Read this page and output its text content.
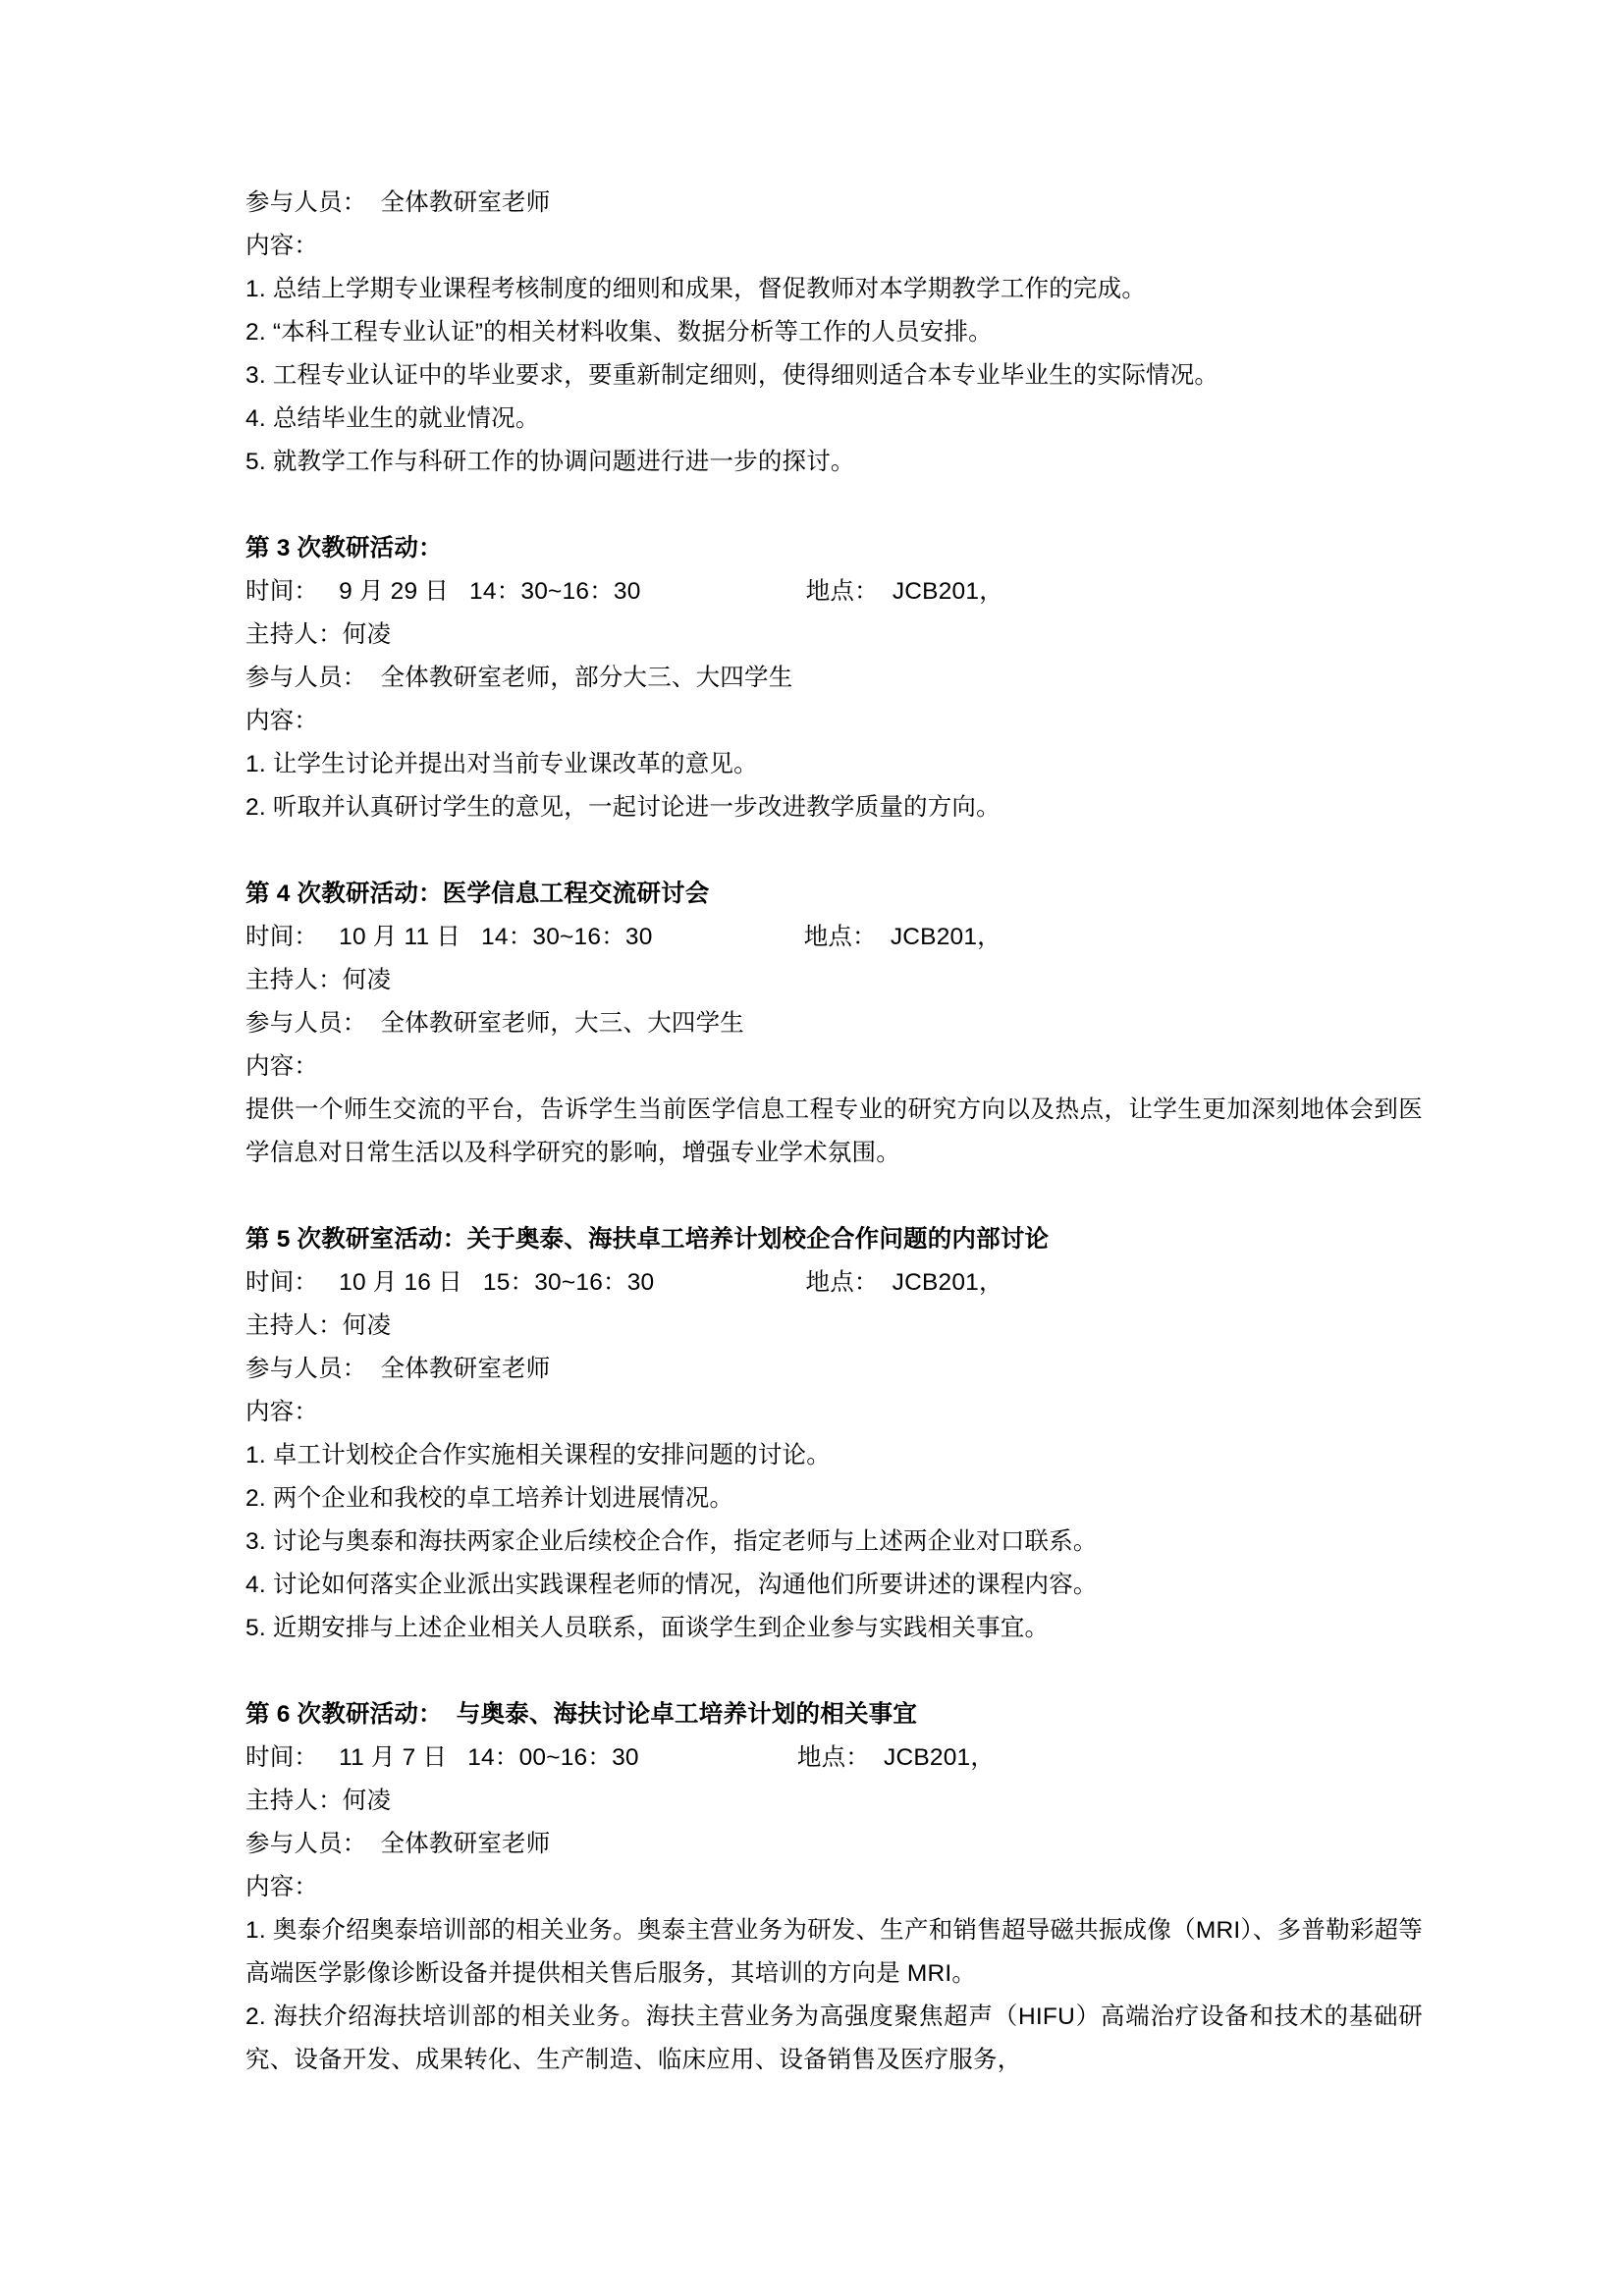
参与人员：  全体教研室老师
内容：
1. 总结上学期专业课程考核制度的细则和成果，督促教师对本学期教学工作的完成。
2. “本科工程专业认证”的相关材料收集、数据分析等工作的人员安排。
3. 工程专业认证中的毕业要求，要重新制定细则，使得细则适合本专业毕业生的实际情况。
4. 总结毕业生的就业情况。
5. 就教学工作与科研工作的协调问题进行进一步的探讨。
第 3 次教研活动：
时间：   9 月 29 日   14：30~16：30                        地点：  JCB201，
主持人：何凌
参与人员：  全体教研室老师，部分大三、大四学生
内容：
1. 让学生讨论并提出对当前专业课改革的意见。
2. 听取并认真研讨学生的意见，一起讨论进一步改进教学质量的方向。
第 4 次教研活动：医学信息工程交流研讨会
时间：   10 月 11 日   14：30~16：30                      地点：  JCB201，
主持人：何凌
参与人员：  全体教研室老师，大三、大四学生
内容：
提供一个师生交流的平台，告诉学生当前医学信息工程专业的研究方向以及热点，让学生更加深刻地体会到医学信息对日常生活以及科学研究的影响，增强专业学术氛围。
第 5 次教研室活动：关于奥泰、海扶卓工培养计划校企合作问题的内部讨论
时间：   10 月 16 日   15：30~16：30                      地点：  JCB201，
主持人：何凌
参与人员：  全体教研室老师
内容：
1. 卓工计划校企合作实施相关课程的安排问题的讨论。
2. 两个企业和我校的卓工培养计划进展情况。
3. 讨论与奥泰和海扶两家企业后续校企合作，指定老师与上述两企业对口联系。
4. 讨论如何落实企业派出实践课程老师的情况，沟通他们所要讲述的课程内容。
5. 近期安排与上述企业相关人员联系，面谈学生到企业参与实践相关事宜。
第 6 次教研活动：  与奥泰、海扶讨论卓工培养计划的相关事宜
时间：   11 月 7 日   14：00~16：30                       地点：  JCB201，
主持人：何凌
参与人员：  全体教研室老师
内容：
1. 奥泰介绍奥泰培训部的相关业务。奥泰主营业务为研发、生产和销售超导磁共振成像（MRI）、多普勒彩超等高端医学影像诊断设备并提供相关售后服务，其培训的方向是 MRI。
2. 海扶介绍海扶培训部的相关业务。海扶主营业务为高强度聚焦超声（HIFU）高端治疗设备和技术的基础研究、设备开发、成果转化、生产制造、临床应用、设备销售及医疗服务，
